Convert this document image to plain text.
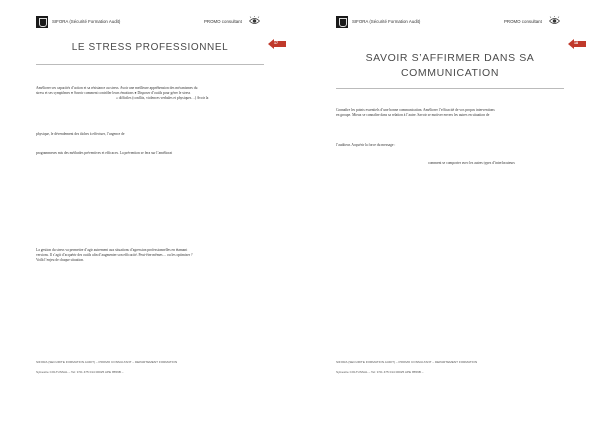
SIFORA (Sécurité Formation Audit)	PROMO consultant
LE STRESS PROFESSIONNEL	17
Améliorer ses capacités d’action et sa résistance au stress. Avoir une meilleure appréhension des mécanismes du
stress et ses symptômes ● Savoir comment contrôler leurs émotions ● Disposer d’outils pour gérer le stress
« difficiles (conflits, violences verbales et physiques…) Avoir la
physique, le dévendement des tâches à effectuer, l’urgence de
programmeses mis des méthodes préventives et efficaces. La prévention se fera sur l’améliorat
La gestion du stress va permettre d’agir autrement aux situations d’agression professionnelles en étamant
versions. Il s’agit d’acquérir des outils afin d’augmenter son efficacité. Peut-être mêmes… ou les optimiser ?
Voilà l’enjeu de chaque situation.
SIFORA (SECURITE FORMATION AUDIT) – PROMO CONSULTANT – DEPARTEMENT FORMATION
Sylvestre COLTUSSAL – Tel: 9 51 475 014 00025 APE 8559B –
SIFORA (Sécurité Formation Audit)	PROMO consultant
SAVOIR S’AFFIRMER DANS SA
COMMUNICATION
18
Connaître les points essentiels d’une bonne communication. Améliorer l’efficacité de vos propos interventions
en groupe. Mieux se connaître dans sa relation à l’autre. Savoir se motiver envers les autres en situation de
l’auditeur. Acquérir la force du message :
comment se comporter avec les autres types d’interlocuteurs
SIFORA (SECURITE FORMATION AUDIT) – PROMO CONSULTANT – DEPARTEMENT FORMATION
Sylvestre COLTUSSAL – Tel: 9 51 475 014 00025 APE 8559B –
